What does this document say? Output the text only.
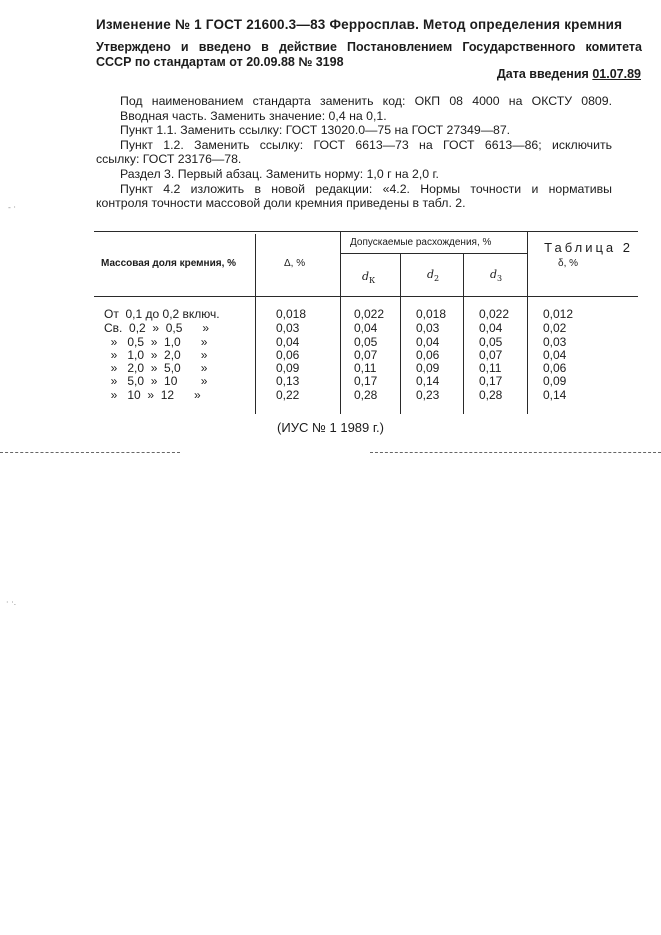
Изменение № 1 ГОСТ 21600.3—83 Ферросплав. Метод определения кремния
Утверждено и введено в действие Постановлением Государственного комитета
СССР по стандартам от 20.09.88 № 3198
Дата введения 01.07.89
Под наименованием стандарта заменить код: ОКП 08 4000 на ОКСТУ 0809.
Вводная часть. Заменить значение: 0,4 на 0,1.
Пункт 1.1. Заменить ссылку: ГОСТ 13020.0—75 на ГОСТ 27349—87.
Пункт 1.2. Заменить ссылку: ГОСТ 6613—73 на ГОСТ 6613—86; исключить
ссылку: ГОСТ 23176—78.
Раздел 3. Первый абзац. Заменить норму: 1,0 г на 2,0 г.
Пункт 4.2 изложить в новой редакции: «4.2. Нормы точности и нормативы
контроля точности массовой доли кремния приведены в табл. 2.
Таблица 2
Массовая доля кремния, %	Δ, %
Допускаемые расхождения, %
$d_К$	$d_2$	$d_3$
δ, %
От  0,1 до 0,2 включ.	0,018	0,022	0,018	0,022	0,012
Св.  0,2  »  0,5      »	0,03	0,04	0,03	0,04	0,02
»   0,5  »  1,0      »	0,04	0,05	0,04	0,05	0,03
»   1,0  »  2,0      »	0,06	0,07	0,06	0,07	0,04
»   2,0  »  5,0      »	0,09	0,11	0,09	0,11	0,06
»   5,0  »  10       »	0,13	0,17	0,14	0,17	0,09
»   10  »  12      »	0,22	0,28	0,23	0,28	0,14
(ИУС № 1 1989 г.)
‐ ·
· ·.
